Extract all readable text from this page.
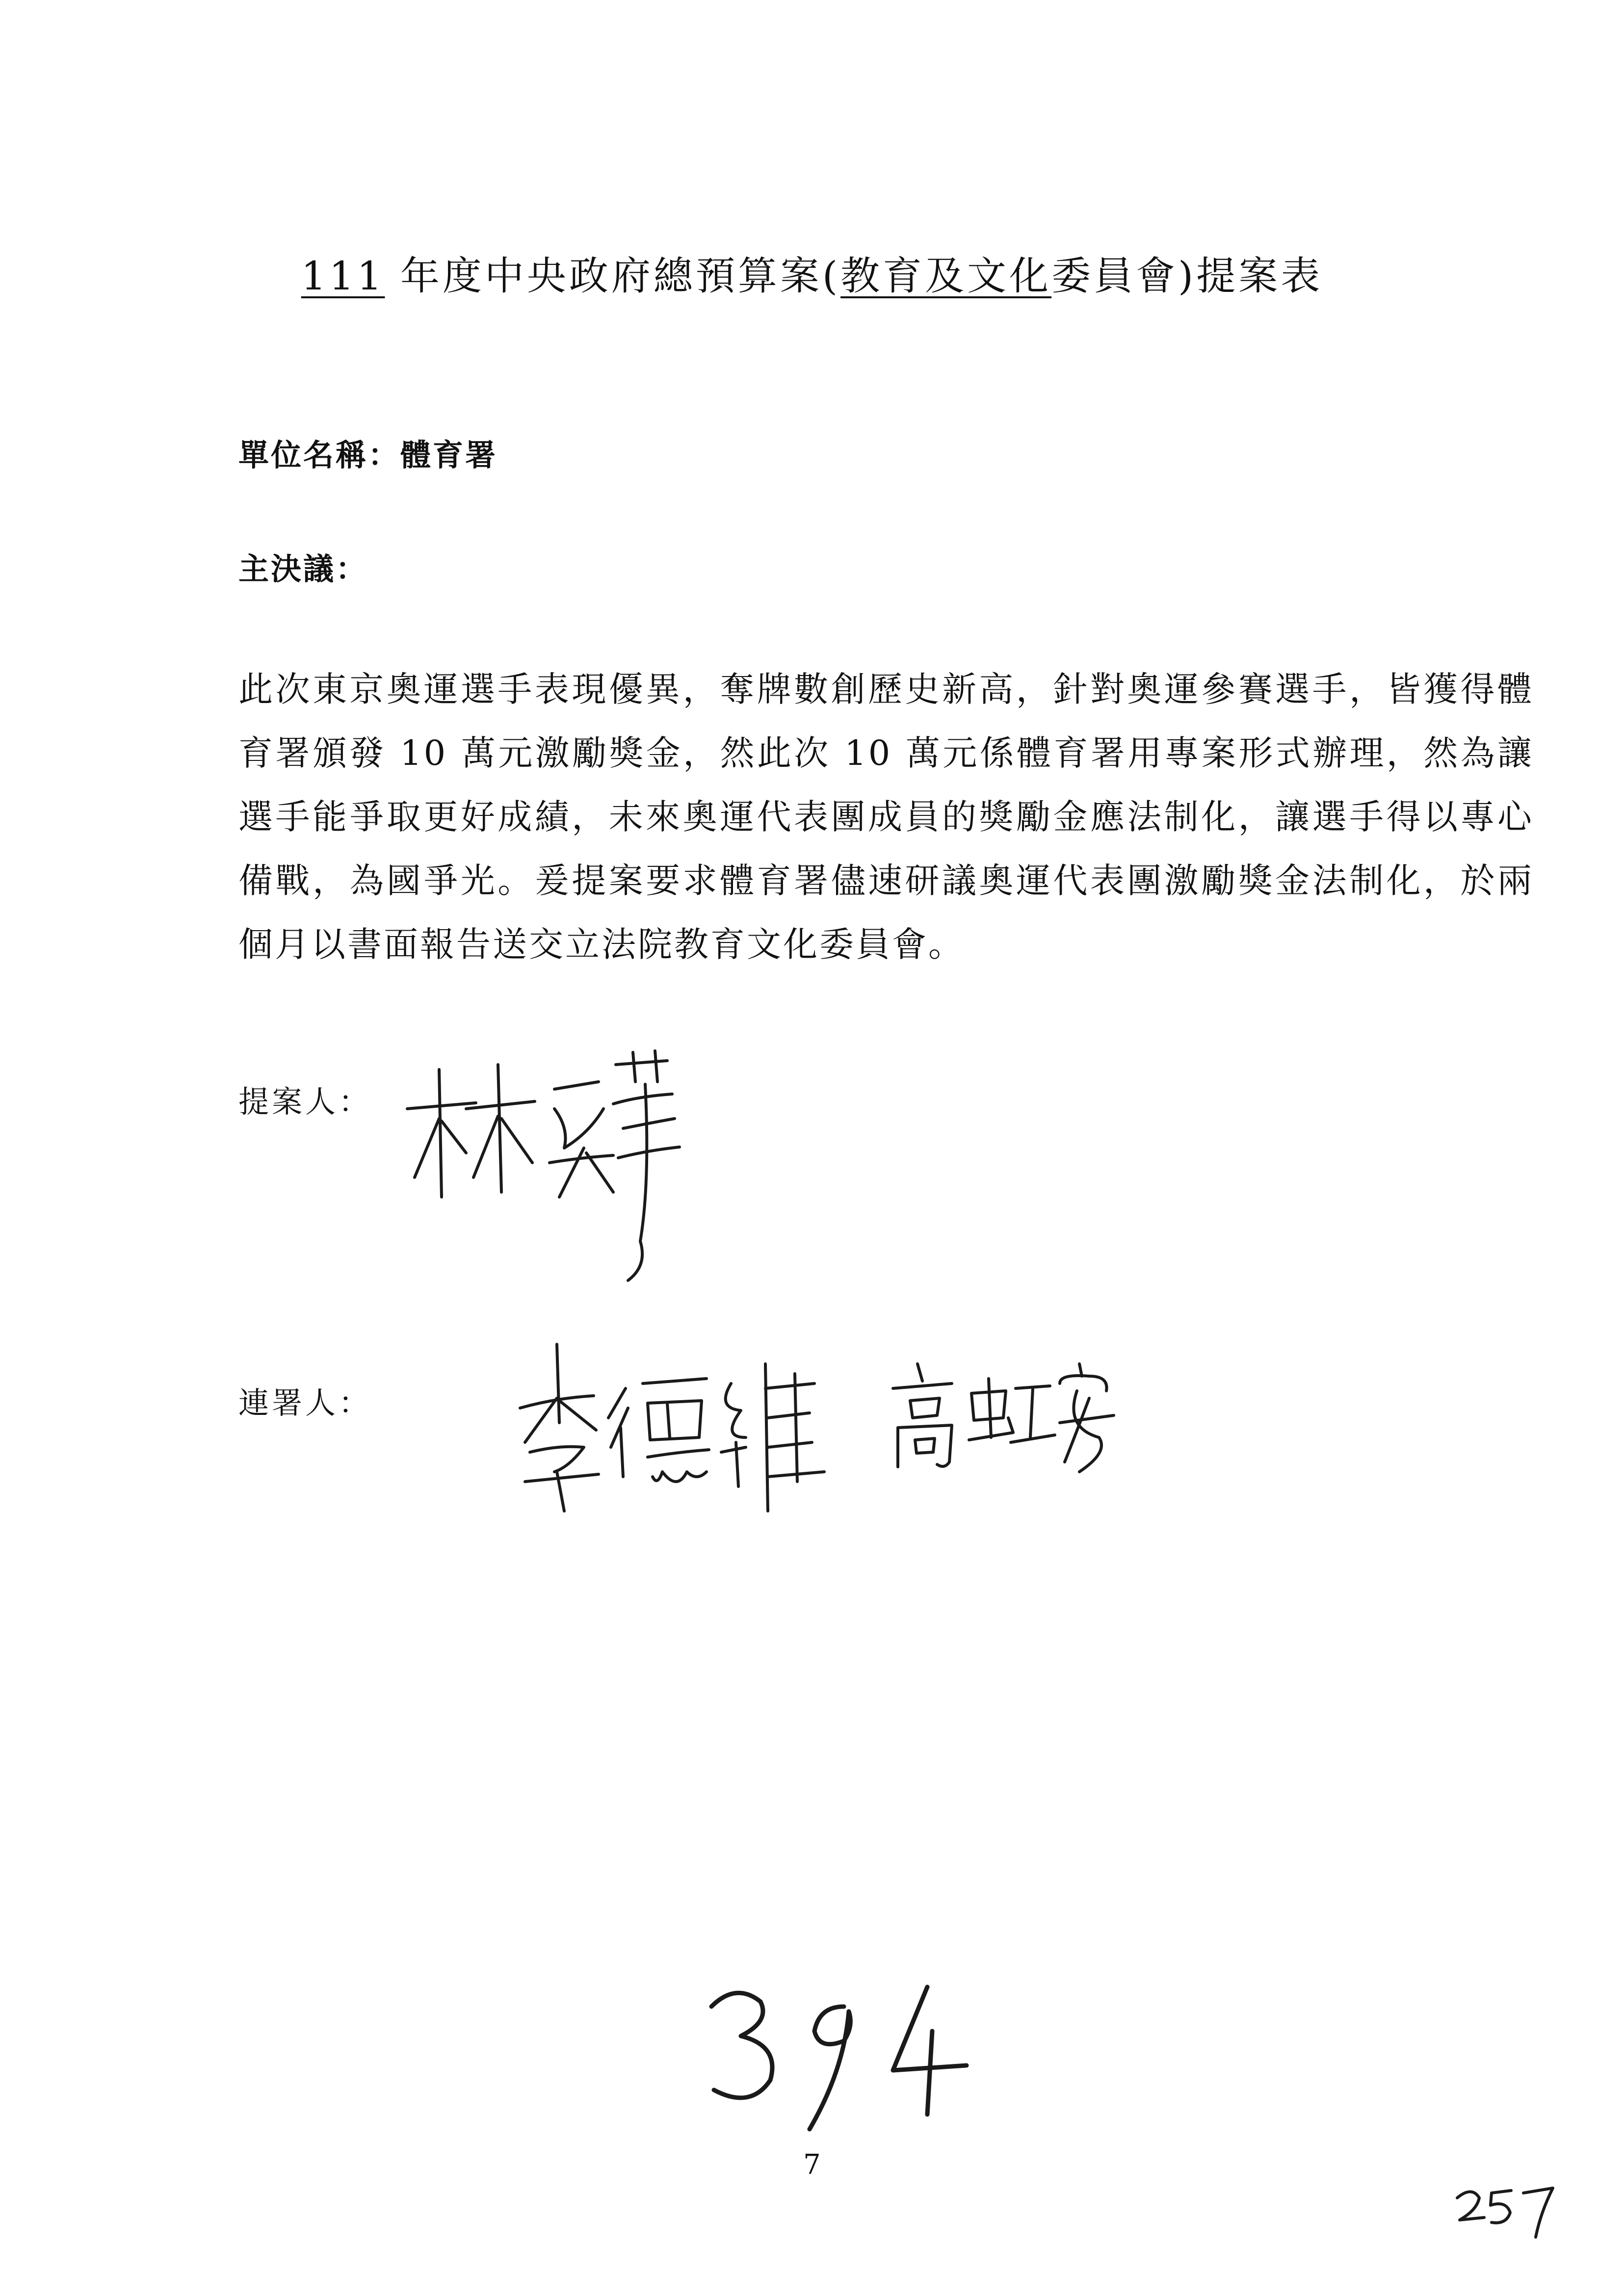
111 年度中央政府總預算案(教育及文化委員會)提案表
單位名稱：體育署
主決議：
此次東京奧運選手表現優異，奪牌數創歷史新高，針對奧運參賽選手，皆獲得體育署頒發 10 萬元激勵獎金，然此次 10 萬元係體育署用專案形式辦理，然為讓選手能爭取更好成績，未來奧運代表團成員的獎勵金應法制化，讓選手得以專心備戰，為國爭光。爰提案要求體育署儘速研議奧運代表團激勵獎金法制化，於兩個月以書面報告送交立法院教育文化委員會。
提案人：
連署人：
7
